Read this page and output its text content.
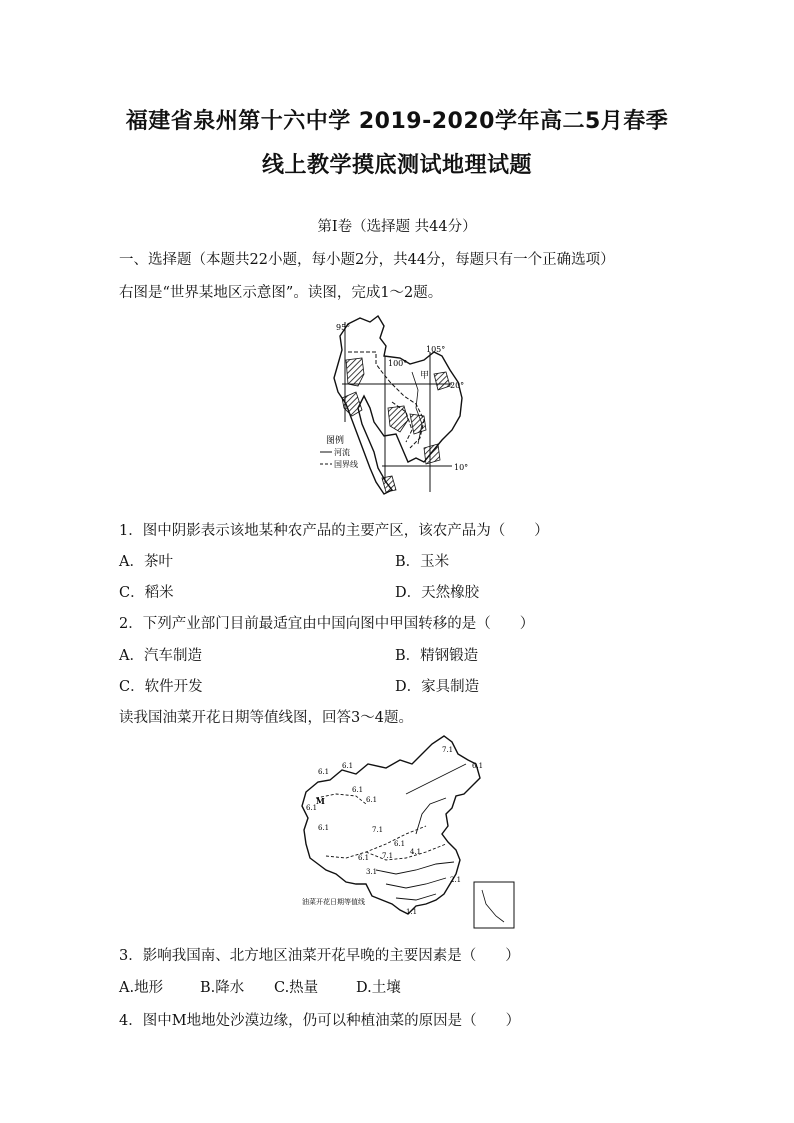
福建省泉州第十六中学 2019-2020学年高二5月春季
线上教学摸底测试地理试题
第Ⅰ卷（选择题 共44分）
一、选择题（本题共22小题，每小题2分，共44分，每题只有一个正确选项）
右图是“世界某地区示意图”。读图，完成1～2题。
95°
100°
105°
20°
10°
甲
图例
河流
国界线
1．图中阴影表示该地某种农产品的主要产区，该农产品为（　　）
A．茶叶	B．玉米
C．稻米	D．天然橡胶
2．下列产业部门目前最适宜由中国向图中甲国转移的是（　　）
A．汽车制造	B．精钢锻造
C．软件开发	D．家具制造
读我国油菜开花日期等值线图，回答3～4题。
6.1
6.1
6.1
7.1
6.1
6.1
6.1
6.1	7.1
6.1
4.1
3.1
2.1
1.1
6.1
7.1
M
油菜开花日期等值线
3．影响我国南、北方地区油菜开花早晚的主要因素是（　　）
A.地形	B.降水 C.热量	D.土壤
4．图中M地地处沙漠边缘，仍可以种植油菜的原因是（　　）
